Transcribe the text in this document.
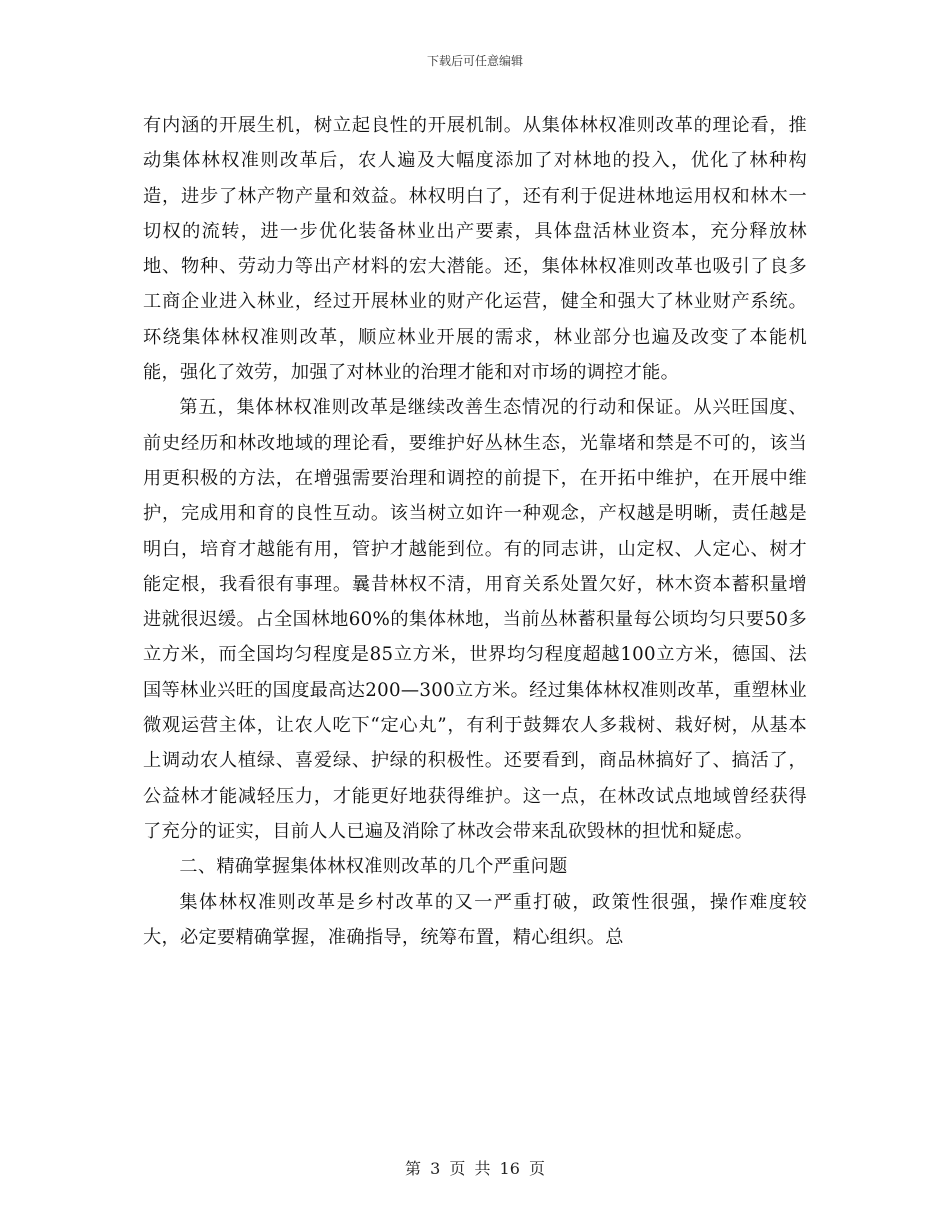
下载后可任意编辑

有内涵的开展生机，树立起良性的开展机制。从集体林权准则改革的理论看，推动集体林权准则改革后，农人遍及大幅度添加了对林地的投入，优化了林种构造，进步了林产物产量和效益。林权明白了，还有利于促进林地运用权和林木一切权的流转，进一步优化装备林业出产要素，具体盘活林业资本，充分释放林地、物种、劳动力等出产材料的宏大潜能。还，集体林权准则改革也吸引了良多工商企业进入林业，经过开展林业的财产化运营，健全和强大了林业财产系统。环绕集体林权准则改革，顺应林业开展的需求，林业部分也遍及改变了本能机能，强化了效劳，加强了对林业的治理才能和对市场的调控才能。

第五，集体林权准则改革是继续改善生态情况的行动和保证。从兴旺国度、前史经历和林改地域的理论看，要维护好丛林生态，光靠堵和禁是不可的，该当用更积极的方法，在增强需要治理和调控的前提下，在开拓中维护，在开展中维护，完成用和育的良性互动。该当树立如许一种观念，产权越是明晰，责任越是明白，培育才越能有用，管护才越能到位。有的同志讲，山定权、人定心、树才能定根，我看很有事理。曩昔林权不清，用育关系处置欠好，林木资本蓄积量增进就很迟缓。占全国林地60%的集体林地，当前丛林蓄积量每公顷均匀只要50多立方米，而全国均匀程度是85立方米，世界均匀程度超越100立方米，德国、法国等林业兴旺的国度最高达200—300立方米。经过集体林权准则改革，重塑林业微观运营主体，让农人吃下“定心丸”，有利于鼓舞农人多栽树、栽好树，从基本上调动农人植绿、喜爱绿、护绿的积极性。还要看到，商品林搞好了、搞活了，公益林才能减轻压力，才能更好地获得维护。这一点，在林改试点地域曾经获得了充分的证实，目前人人已遍及消除了林改会带来乱砍毁林的担忧和疑虑。

二、精确掌握集体林权准则改革的几个严重问题

集体林权准则改革是乡村改革的又一严重打破，政策性很强，操作难度较大，必定要精确掌握，准确指导，统筹布置，精心组织。总

第 3 页 共 16 页
